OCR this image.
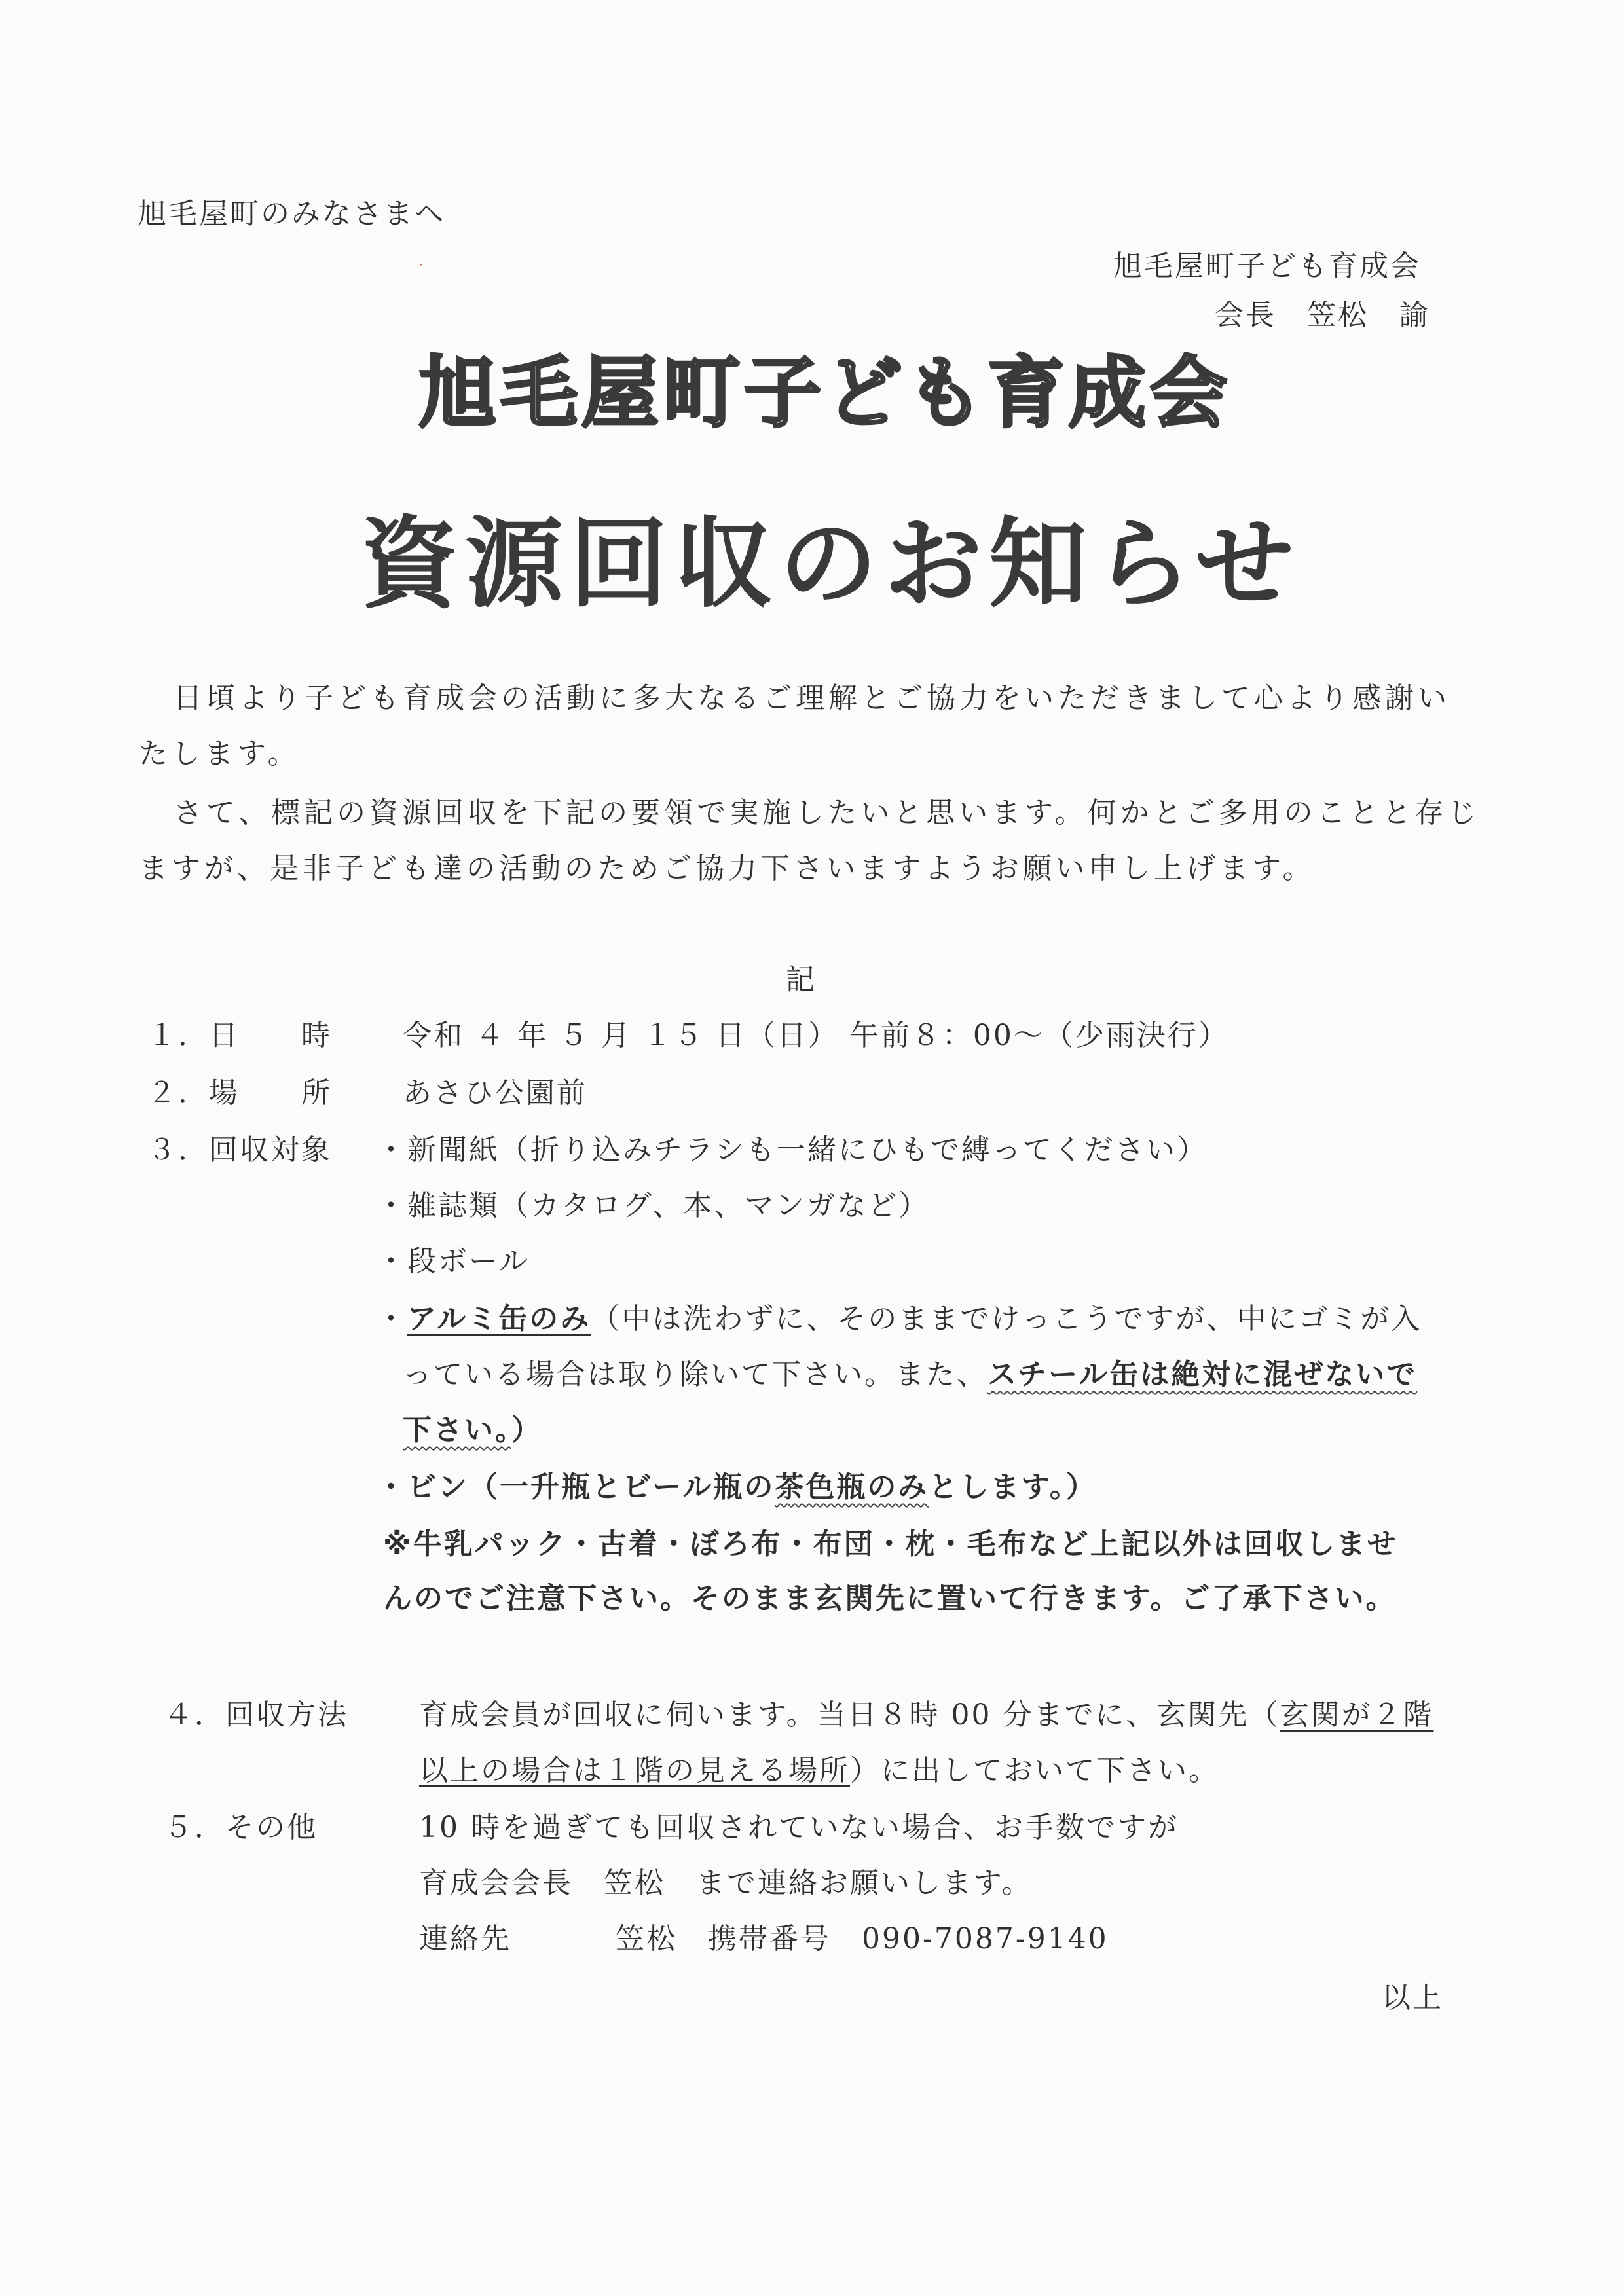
旭毛屋町のみなさまへ
旭毛屋町子ども育成会
会長　笠松　諭
·
旭毛屋町子ども育成会
資源回収のお知らせ
日頃より子ども育成会の活動に多大なるご理解とご協力をいただきまして心より感謝い
たします。
さて、標記の資源回収を下記の要領で実施したいと思います。何かとご多用のことと存じ
ますが、是非子ども達の活動のためご協力下さいますようお願い申し上げます。
記
１．日　　時 令和 ４ 年 ５ 月 １５ 日（日） 午前８：00～（少雨決行）
２．場　　所 あさひ公園前
３．回収対象 ・新聞紙（折り込みチラシも一緒にひもで縛ってください）
・雑誌類（カタログ、本、マンガなど）
・段ボール
・アルミ缶のみ（中は洗わずに、そのままでけっこうですが、中にゴミが入
っている場合は取り除いて下さい。また、スチール缶は絶対に混ぜないで
下さい。）
・ビン（一升瓶とビール瓶の茶色瓶のみとします。）
※牛乳パック・古着・ぼろ布・布団・枕・毛布など上記以外は回収しませ
んのでご注意下さい。そのまま玄関先に置いて行きます。ご了承下さい。
４．回収方法 育成会員が回収に伺います。当日８時 00 分までに、玄関先（玄関が２階
以上の場合は１階の見える場所）に出しておいて下さい。
５．その他	10 時を過ぎても回収されていない場合、お手数ですが
育成会会長　笠松　まで連絡お願いします。
連絡先	笠松　携帯番号　090-7087-9140
以上
